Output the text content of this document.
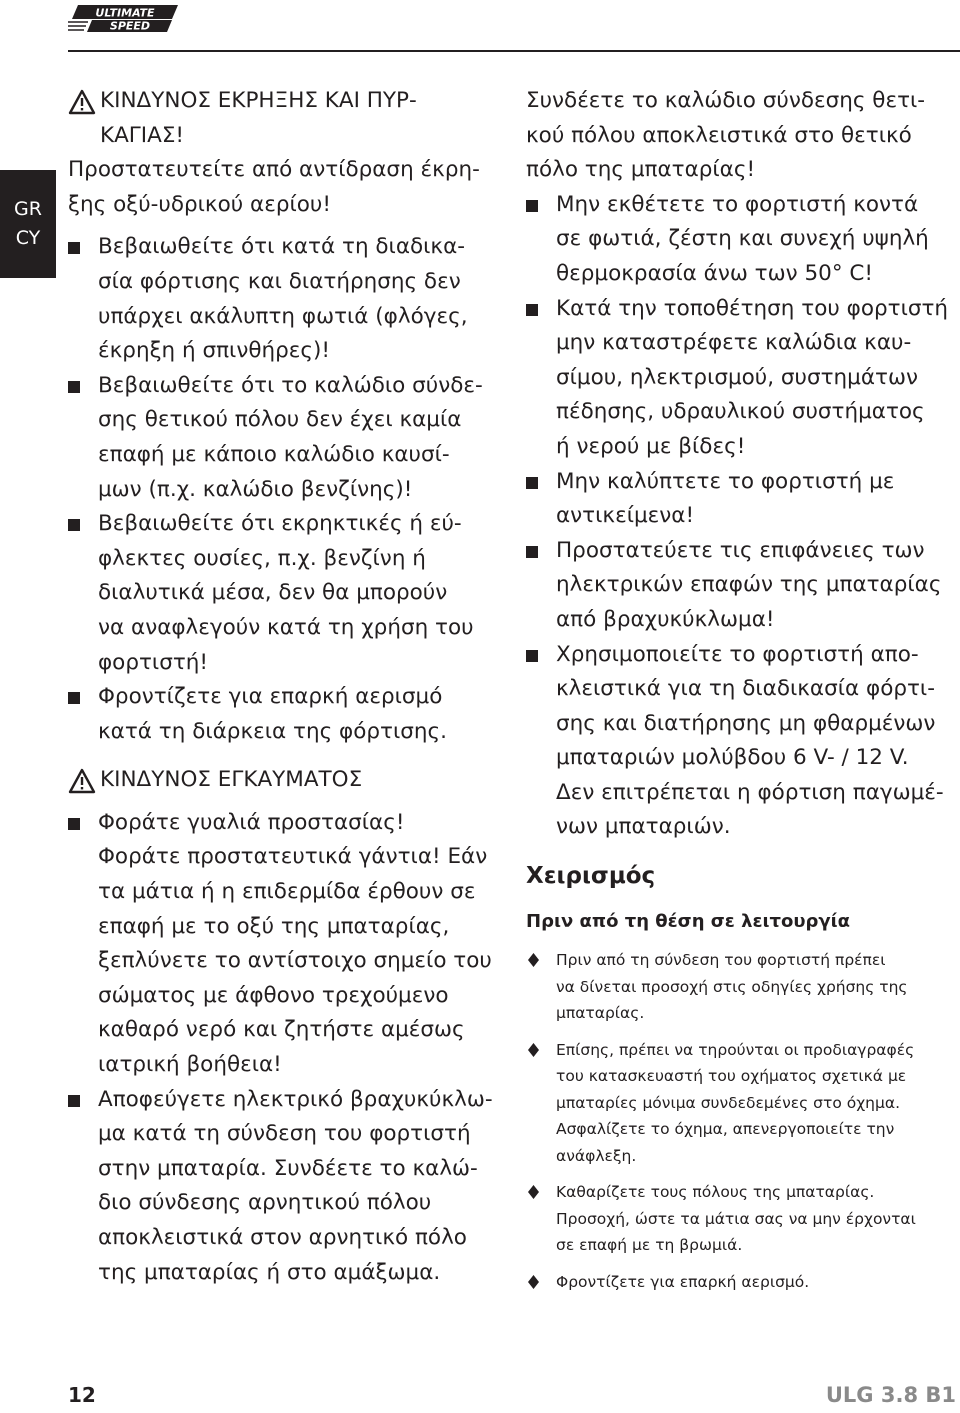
ULTIMATE
SPEED
GR
CY
ΚΙΝΔΥΝΟΣ ΕΚΡΗΞΗΣ ΚΑΙ ΠΥΡ-
ΚΑΓΙΑΣ!

Προστατευτείτε από αντίδραση έκρη-
ξης οξύ-υδρικού αερίου!

Βεβαιωθείτε ότι κατά τη διαδικα-
σία φόρτισης και διατήρησης δεν
υπάρχει ακάλυπτη φωτιά (φλόγες,
έκρηξη ή σπινθήρες)!
Βεβαιωθείτε ότι το καλώδιο σύνδε-
σης θετικού πόλου δεν έχει καμία
επαφή με κάποιο καλώδιο καυσί-
μων (π.χ. καλώδιο βενζίνης)!
Βεβαιωθείτε ότι εκρηκτικές ή εύ-
φλεκτες ουσίες, π.χ. βενζίνη ή
διαλυτικά μέσα, δεν θα μπορούν
να αναφλεγούν κατά τη χρήση του
φορτιστή!
Φροντίζετε για επαρκή αερισμό
κατά τη διάρκεια της φόρτισης.
ΚΙΝΔΥΝΟΣ ΕΓΚΑΥΜΑΤΟΣ
Φοράτε γυαλιά προστασίας!
Φοράτε προστατευτικά γάντια! Εάν
τα μάτια ή η επιδερμίδα έρθουν σε
επαφή με το οξύ της μπαταρίας,
ξεπλύνετε το αντίστοιχο σημείο του
σώματος με άφθονο τρεχούμενο
καθαρό νερό και ζητήστε αμέσως
ιατρική βοήθεια!
Αποφεύγετε ηλεκτρικό βραχυκύκλω-
μα κατά τη σύνδεση του φορτιστή
στην μπαταρία. Συνδέετε το καλώ-
διο σύνδεσης αρνητικού πόλου
αποκλειστικά στον αρνητικό πόλο
της μπαταρίας ή στο αμάξωμα.

Συνδέετε το καλώδιο σύνδεσης θετι-
κού πόλου αποκλειστικά στο θετικό
πόλο της μπαταρίας!

Μην εκθέτετε το φορτιστή κοντά
σε φωτιά, ζέστη και συνεχή υψηλή
θερμοκρασία άνω των 50° C!
Κατά την τοποθέτηση του φορτιστή
μην καταστρέφετε καλώδια καυ-
σίμου, ηλεκτρισμού, συστημάτων
πέδησης, υδραυλικού συστήματος
ή νερού με βίδες!
Μην καλύπτετε το φορτιστή με
αντικείμενα!
Προστατεύετε τις επιφάνειες των
ηλεκτρικών επαφών της μπαταρίας
από βραχυκύκλωμα!
Χρησιμοποιείτε το φορτιστή απο-
κλειστικά για τη διαδικασία φόρτι-
σης και διατήρησης μη φθαρμένων
μπαταριών μολύβδου 6 V- / 12 V.
Δεν επιτρέπεται η φόρτιση παγωμέ-
νων μπαταριών.
Χειρισμός
Πριν από τη θέση σε λειτουργία
Πριν από τη σύνδεση του φορτιστή πρέπει
να δίνεται προσοχή στις οδηγίες χρήσης της
μπαταρίας.
Επίσης, πρέπει να τηρούνται οι προδιαγραφές
του κατασκευαστή του οχήματος σχετικά με
μπαταρίες μόνιμα συνδεδεμένες στο όχημα.
Ασφαλίζετε το όχημα, απενεργοποιείτε την
ανάφλεξη.
Καθαρίζετε τους πόλους της μπαταρίας.
Προσοχή, ώστε τα μάτια σας να μην έρχονται
σε επαφή με τη βρωμιά.
Φροντίζετε για επαρκή αερισμό.
12	ULG 3.8 B1
